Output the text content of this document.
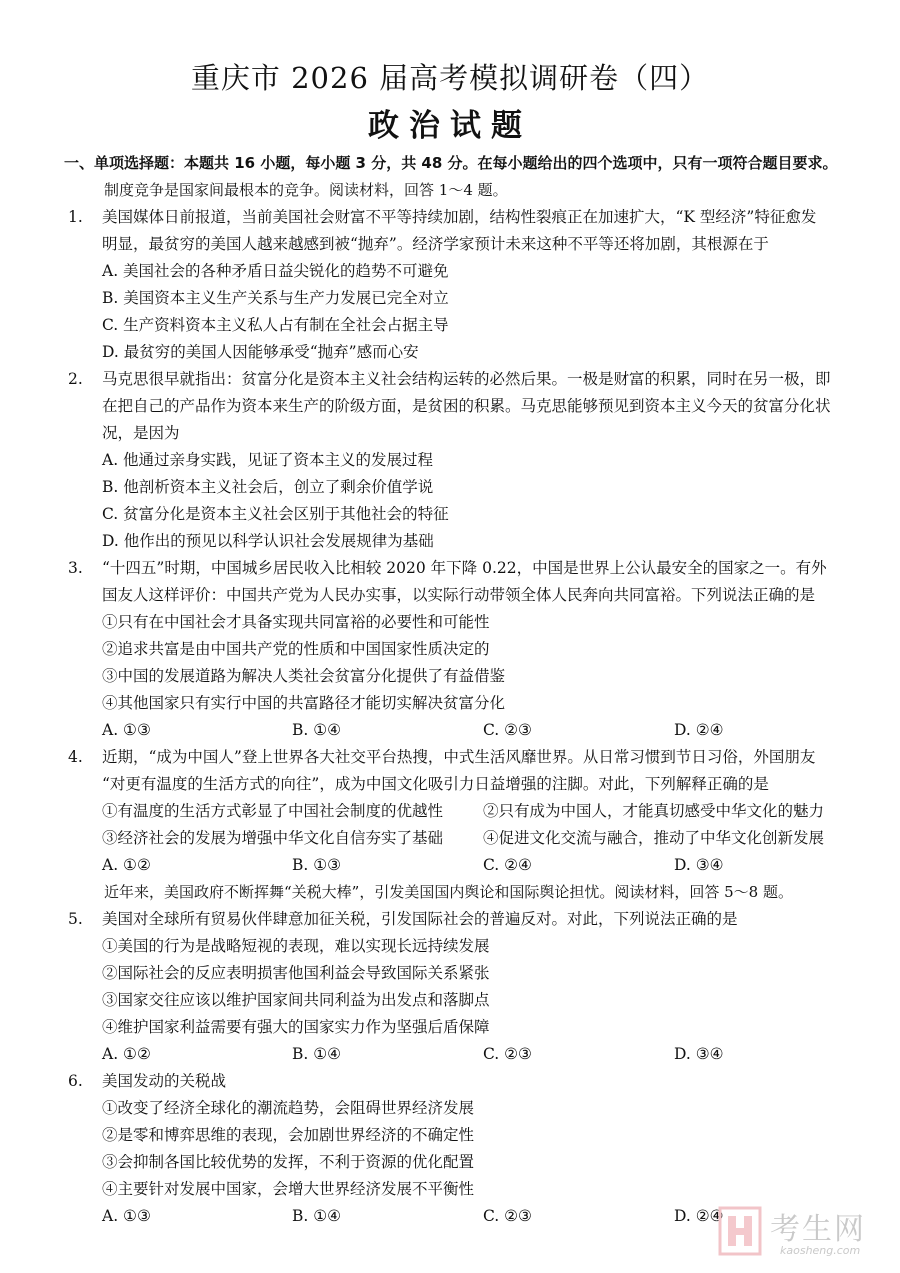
重庆市 2026 届高考模拟调研卷（四）
政治试题
一、单项选择题：本题共 16 小题，每小题 3 分，共 48 分。在每小题给出的四个选项中，只有一项符合题目要求。
制度竞争是国家间最根本的竞争。阅读材料，回答 1～4 题。
1. 美国媒体日前报道，当前美国社会财富不平等持续加剧，结构性裂痕正在加速扩大，“K 型经济”特征愈发
明显，最贫穷的美国人越来越感到被“抛弃”。经济学家预计未来这种不平等还将加剧，其根源在于
A. 美国社会的各种矛盾日益尖锐化的趋势不可避免
B. 美国资本主义生产关系与生产力发展已完全对立
C. 生产资料资本主义私人占有制在全社会占据主导
D. 最贫穷的美国人因能够承受“抛弃”感而心安
2. 马克思很早就指出：贫富分化是资本主义社会结构运转的必然后果。一极是财富的积累，同时在另一极，即
在把自己的产品作为资本来生产的阶级方面，是贫困的积累。马克思能够预见到资本主义今天的贫富分化状
况，是因为
A. 他通过亲身实践，见证了资本主义的发展过程
B. 他剖析资本主义社会后，创立了剩余价值学说
C. 贫富分化是资本主义社会区别于其他社会的特征
D. 他作出的预见以科学认识社会发展规律为基础
3. “十四五”时期，中国城乡居民收入比相较 2020 年下降 0.22，中国是世界上公认最安全的国家之一。有外
国友人这样评价：中国共产党为人民办实事，以实际行动带领全体人民奔向共同富裕。下列说法正确的是
①只有在中国社会才具备实现共同富裕的必要性和可能性
②追求共富是由中国共产党的性质和中国国家性质决定的
③中国的发展道路为解决人类社会贫富分化提供了有益借鉴
④其他国家只有实行中国的共富路径才能切实解决贫富分化
A. ①③	B. ①④	C. ②③	D. ②④
4. 近期，“成为中国人”登上世界各大社交平台热搜，中式生活风靡世界。从日常习惯到节日习俗，外国朋友
“对更有温度的生活方式的向往”，成为中国文化吸引力日益增强的注脚。对此，下列解释正确的是
①有温度的生活方式彰显了中国社会制度的优越性	②只有成为中国人，才能真切感受中华文化的魅力
③经济社会的发展为增强中华文化自信夯实了基础	④促进文化交流与融合，推动了中华文化创新发展
A. ①②	B. ①③	C. ②④	D. ③④
近年来，美国政府不断挥舞“关税大棒”，引发美国国内舆论和国际舆论担忧。阅读材料，回答 5～8 题。
5. 美国对全球所有贸易伙伴肆意加征关税，引发国际社会的普遍反对。对此，下列说法正确的是
①美国的行为是战略短视的表现，难以实现长远持续发展
②国际社会的反应表明损害他国利益会导致国际关系紧张
③国家交往应该以维护国家间共同利益为出发点和落脚点
④维护国家利益需要有强大的国家实力作为坚强后盾保障
A. ①②	B. ①④	C. ②③	D. ③④
6. 美国发动的关税战
①改变了经济全球化的潮流趋势，会阻碍世界经济发展
②是零和博弈思维的表现，会加剧世界经济的不确定性
③会抑制各国比较优势的发挥，不利于资源的优化配置
④主要针对发展中国家，会增大世界经济发展不平衡性
A. ①③	B. ①④	C. ②③	D. ②④ 考生网
kaosheng.com
